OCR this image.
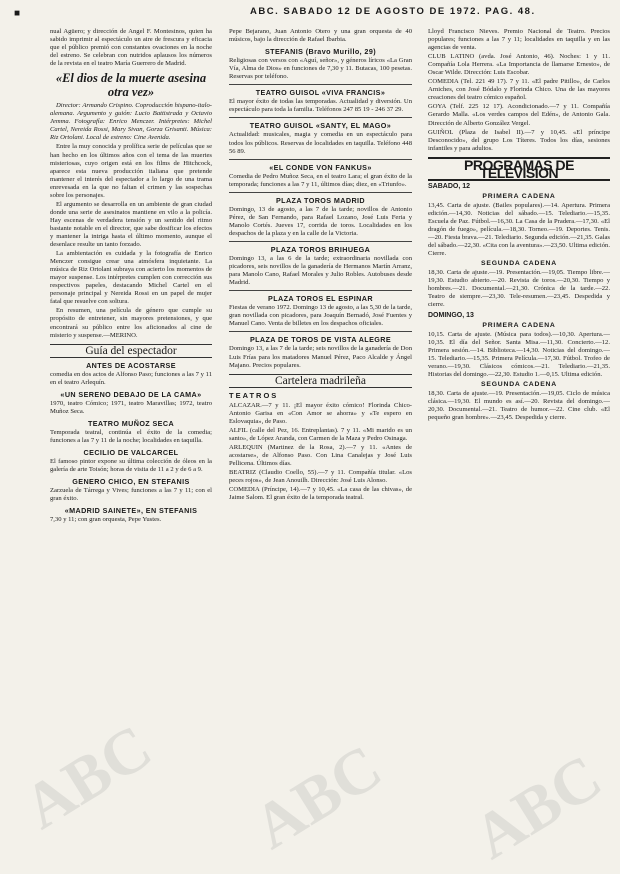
■	ABC. SABADO 12 DE AGOSTO DE 1972. PAG. 48.

nual Agüero; y dirección de Angel F. Montesinos, quien ha sabido imprimir al espectáculo un aire de frescura y eficacia que el público premió con constantes ovaciones en la noche del estreno. Se celebran con nutridos aplausos los números de la revista en el teatro María Guerrero de Madrid.

«El dios de la muerte asesina otra vez»

Director: Armando Crispino. Coproducción hispano-italo-alemana. Argumento y guión: Lucio Battistrada y Octavio Jemma. Fotografía: Enrico Menczer. Intérpretes: Michel Cartel, Nereida Rossi, Mary Sivan, Gorza Grisanti. Música: Riz Ortolani. Local de estreno: Cine Avenida.

Entre la muy conocida y prolífica serie de películas que se han hecho en los últimos años con el tema de las muertes misteriosas, cuyo origen está en los films de Hitchcock, aparece esta nueva producción italiana que pretende mantener el interés del espectador a lo largo de una trama enrevesada en la que no faltan el crimen y las sospechas sobre los personajes.

El argumento se desarrolla en un ambiente de gran ciudad donde una serie de asesinatos mantiene en vilo a la policía. Hay escenas de verdadera tensión y un sentido del ritmo bastante notable en el director, que sabe dosificar los efectos y mantener la intriga hasta el último momento, aunque el desenlace resulte un tanto forzado.

La ambientación es cuidada y la fotografía de Enrico Menczer consigue crear una atmósfera inquietante. La música de Riz Ortolani subraya con acierto los momentos de mayor suspense. Los intérpretes cumplen con corrección sus respectivos papeles, destacando Michel Cartel en el personaje principal y Nereida Rossi en un papel de mujer fatal que resuelve con soltura.

En resumen, una película de género que cumple su propósito de entretener, sin mayores pretensiones, y que encontrará su público entre los aficionados al cine de misterio y suspense.—MERINO.

Guía del espectador
ANTES DE ACOSTARSE

comedia en dos actos de Alfonso Paso; funciones a las 7 y 11 en el teatro Arlequín.

«UN SERENO DEBAJO DE LA CAMA»

1970, teatro Cómico; 1971, teatro Maravillas; 1972, teatro Muñoz Seca.

TEATRO MUÑOZ SECA

Temporada teatral, continúa el éxito de la comedia; funciones a las 7 y 11 de la noche; localidades en taquilla.

CECILIO DE VALCARCEL

El famoso pintor expone su última colección de óleos en la galería de arte Toisón; horas de visita de 11 a 2 y de 6 a 9.

GENERO CHICO, EN STEFANIS

Zarzuela de Tárrega y Vives; funciones a las 7 y 11; con el gran éxito.

«MADRID SAINETE», EN STEFANIS

7,30 y 11; con gran orquesta, Pepe Yustes.

Pepe Bejarano, Juan Antonio Otero y una gran orquesta de 40 músicos, bajo la dirección de Rafael Ibarbia.

STEFANIS (Bravo Murillo, 29)

Religiosas con versos con «Aguí, señor», y géneros líricos «La Gran Vía, Alma de Dios» en funciones de 7,30 y 11. Butacas, 100 pesetas. Reservas por teléfono.

TEATRO GUISOL «VIVA FRANCIS»

El mayor éxito de todas las temporadas. Actualidad y diversión. Un espectáculo para toda la familia. Teléfonos 247 85 19 - 246 37 29.

TEATRO GUISOL «SANTY, EL MAGO»

Actualidad: musicales, magia y comedia en un espectáculo para todos los públicos. Reservas de localidades en taquilla. Teléfono 448 56 89.

«EL CONDE VON FANKUS»

Comedia de Pedro Muñoz Seca, en el teatro Lara; el gran éxito de la temporada; funciones a las 7 y 11, últimos días; diez, en «Triunfo».

PLAZA TOROS MADRID

Domingo, 13 de agosto, a las 7 de la tarde; novillos de Antonio Pérez, de San Fernando, para Rafael Lozano, José Luis Feria y Manolo Cortés. Jueves 17, corrida de toros. Localidades en los despachos de la plaza y en la calle de la Victoria.

PLAZA TOROS BRIHUEGA

Domingo 13, a las 6 de la tarde; extraordinaria novillada con picadores, seis novillos de la ganadería de Hermanos Martín Arranz, para Manolo Cano, Rafael Morales y Julio Robles. Autobuses desde Madrid.

PLAZA TOROS EL ESPINAR

Fiestas de verano 1972. Domingo 13 de agosto, a las 5,30 de la tarde, gran novillada con picadores, para Joaquín Bernadó, José Fuentes y Manuel Cano. Venta de billetes en los despachos oficiales.

PLAZA DE TOROS DE VISTA ALEGRE

Domingo 13, a las 7 de la tarde; seis novillos de la ganadería de Don Luis Frías para los matadores Manuel Pérez, Paco Alcalde y Ángel Majano. Precios populares.

Cartelera madrileña
TEATROS

ALCAZAR.—7 y 11. ¡El mayor éxito cómico! Florinda Chico-Antonio Garisa en «Con Amor se ahorra» y «Te espero en Eslovaquia», de Paso.

ALFIL (calle del Pez, 16. Entreplantas). 7 y 11. «Mi marido es un santo», de López Aranda, con Carmen de la Maza y Pedro Osinaga.

ARLEQUIN (Martinez de la Rosa, 2).—7 y 11. «Antes de acostarse», de Alfonso Paso. Con Lina Canalejas y José Luis Pellicena. Últimos días.

BEATRIZ (Claudio Coello, 55).—7 y 11. Compañía titular. «Los peces rojos», de Jean Anouilh. Dirección: José Luis Alonso.

COMEDIA (Príncipe, 14).—7 y 10,45. «La casa de las chivas», de Jaime Salom. El gran éxito de la temporada teatral.

Lloyd Francisco Nieves. Premio Nacional de Teatro. Precios populares; funciones a las 7 y 11; localidades en taquilla y en las agencias de venta.

CLUB LATINO (avda. José Antonio, 46). Noches: 1 y 11. Compañía Lola Herrera. «La Importancia de llamarse Ernesto», de Oscar Wilde. Dirección: Luis Escobar.

COMEDIA (Tel. 221 49 17). 7 y 11. «El padre Pitillo», de Carlos Arniches, con José Bódalo y Florinda Chico. Una de las mayores creaciones del teatro cómico español.

GOYA (Telf. 225 12 17). Acondicionado.—7 y 11. Compañía Gerardo Malla. «Los verdes campos del Edén», de Antonio Gala. Dirección de Alberto González Vergel.

GUIÑOL (Plaza de Isabel II).—7 y 10,45. «El príncipe Desconocido», del grupo Los Títeres. Todos los días, sesiones infantiles y para adultos.

PROGRAMAS DE TELEVISION
SABADO, 12
PRIMERA CADENA

13,45. Carta de ajuste. (Bailes populares).—14. Apertura. Primera edición.—14,30. Noticias del sábado.—15. Telediario.—15,35. Escuela de Paz. Fútbol.—16,30. La Casa de la Pradera.—17,30. «El dragón de fuego», película.—18,30. Torneo.—19. Deportes. Tenis.—20. Fiesta brava.—21. Telediario. Segunda edición.—21,35. Galas del sábado.—22,30. «Cita con la aventura».—23,50. Ultima edición. Cierre.

SEGUNDA CADENA

18,30. Carta de ajuste.—19. Presentación.—19,05. Tiempo libre.—19,30. Estudio abierto.—20. Revista de toros.—20,30. Tiempo y hombres.—21. Documental.—21,30. Crónica de la tarde.—22. Teatro de siempre.—23,30. Tele-resumen.—23,45. Despedida y cierre.

DOMINGO, 13
PRIMERA CADENA

10,15. Carta de ajuste. (Música para todos).—10,30. Apertura.—10,35. El día del Señor. Santa Misa.—11,30. Concierto.—12. Primera sesión.—14. Biblioteca.—14,30. Noticias del domingo.—15. Telediario.—15,35. Primera Película.—17,30. Fútbol. Trofeo de verano.—19,30. Clásicos cómicos.—21. Telediario.—21,35. Historias del domingo.—22,30. Estudio 1.—0,15. Ultima edición.

SEGUNDA CADENA

18,30. Carta de ajuste.—19. Presentación.—19,05. Ciclo de música clásica.—19,30. El mundo es así.—20. Revista del domingo.—20,30. Documental.—21. Teatro de humor.—22. Cine club. «El pequeño gran hombre».—23,45. Despedida y cierre.

ABC ABC ABC
